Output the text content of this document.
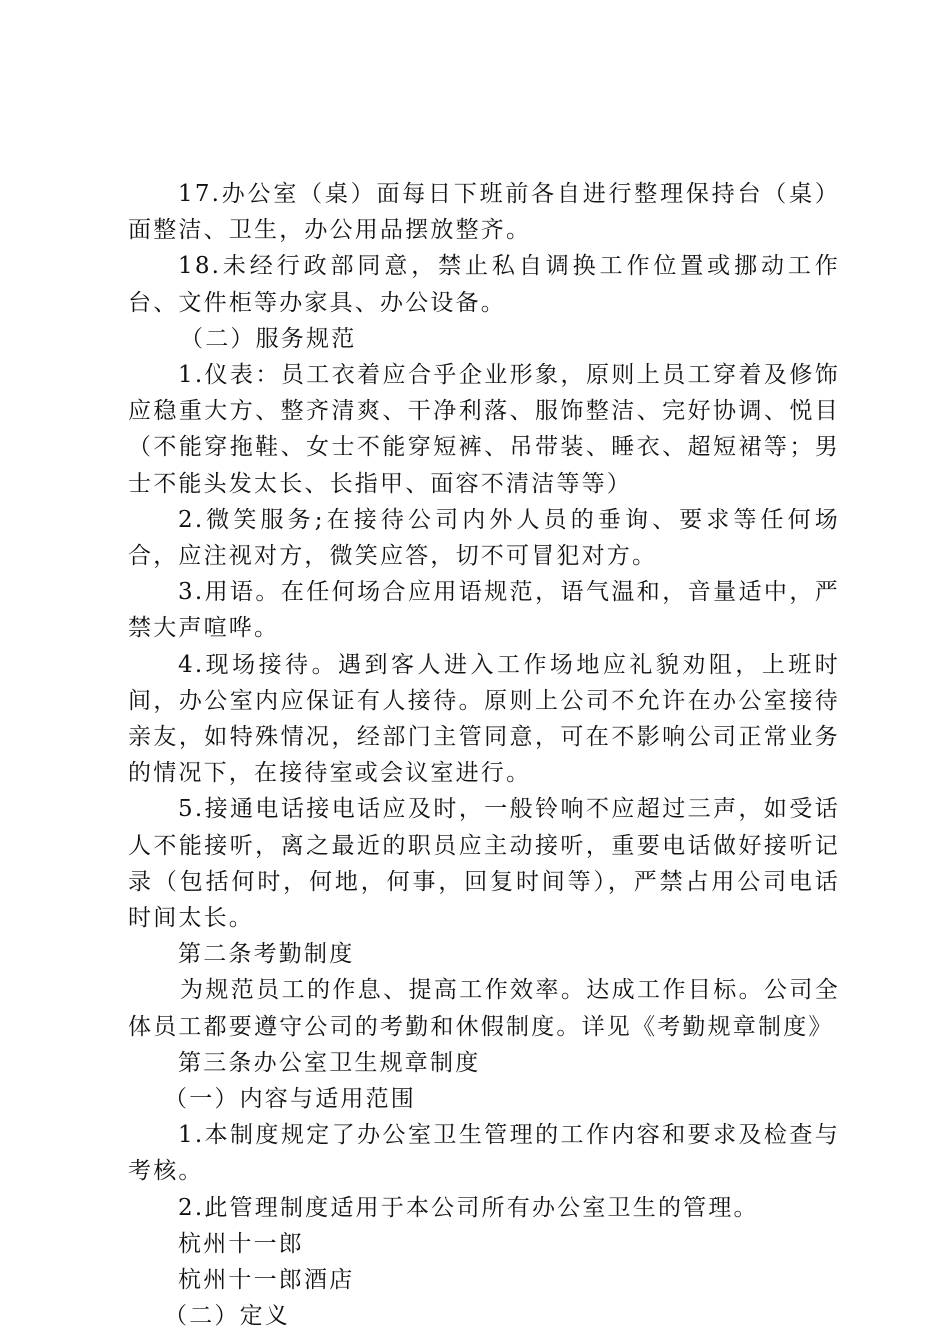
17.办公室（桌）面每日下班前各自进行整理保持台（桌）面整洁、卫生，办公用品摆放整齐。

18.未经行政部同意，禁止私自调换工作位置或挪动工作台、文件柜等办家具、办公设备。

（二）服务规范

1.仪表：员工衣着应合乎企业形象，原则上员工穿着及修饰应稳重大方、整齐清爽、干净利落、服饰整洁、完好协调、悦目（不能穿拖鞋、女士不能穿短裤、吊带装、睡衣、超短裙等；男士不能头发太长、长指甲、面容不清洁等等）

2.微笑服务;在接待公司内外人员的垂询、要求等任何场合，应注视对方，微笑应答，切不可冒犯对方。

3.用语。在任何场合应用语规范，语气温和，音量适中，严禁大声喧哗。

4.现场接待。遇到客人进入工作场地应礼貌劝阻，上班时间，办公室内应保证有人接待。原则上公司不允许在办公室接待亲友，如特殊情况，经部门主管同意，可在不影响公司正常业务的情况下，在接待室或会议室进行。

5.接通电话接电话应及时，一般铃响不应超过三声，如受话人不能接听，离之最近的职员应主动接听，重要电话做好接听记录（包括何时，何地，何事，回复时间等），严禁占用公司电话时间太长。

第二条考勤制度

为规范员工的作息、提高工作效率。达成工作目标。公司全体员工都要遵守公司的考勤和休假制度。详见《考勤规章制度》

第三条办公室卫生规章制度

（一）内容与适用范围

1.本制度规定了办公室卫生管理的工作内容和要求及检查与考核。

2.此管理制度适用于本公司所有办公室卫生的管理。

杭州十一郎

杭州十一郎酒店

（二）定义
